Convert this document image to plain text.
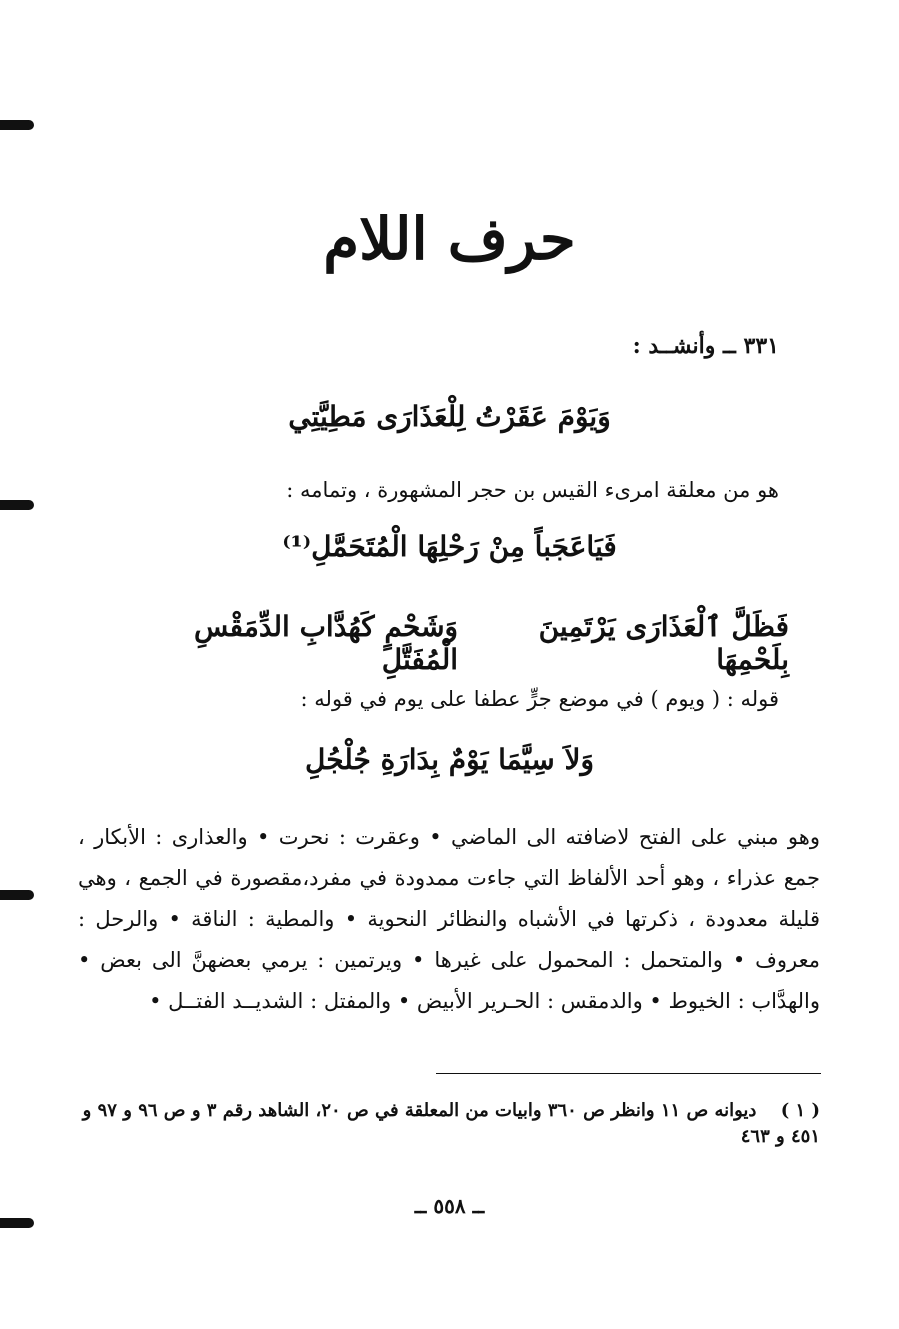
حرف اللام
٣٣١ ــ وأنشــد :
وَيَوْمَ عَقَرْتُ لِلْعَذَارَى مَطِيَّتِي
هو من معلقة امرىء القيس بن حجر المشهورة ، وتمامه :
فَيَاعَجَباً مِنْ رَحْلِهَا الْمُتَحَمَّلِ⁽¹⁾
فَظَلَّ ٱلْعَذَارَى يَرْتَمِينَ بِلَحْمِهَا
وَشَحْمٍ كَهُدَّابِ الدِّمَقْسِ الْمُفَتَّلِ
قوله : ( ويوم ) في موضع جرٍّ عطفا على يوم في قوله :
وَلاَ سِيَّمَا يَوْمٌ بِدَارَةِ جُلْجُلِ
وهو مبني على الفتح لاضافته الى الماضي • وعقرت : نحرت • والعذارى : الأبكار ، جمع عذراء ، وهو أحد الألفاظ التي جاءت ممدودة في مفرد،مقصورة في الجمع ، وهي قليلة معدودة ، ذكرتها في الأشباه والنظائر النحوية • والمطية : الناقة • والرحل : معروف • والمتحمل : المحمول على غيرها • ويرتمين : يرمي بعضهنَّ الى بعض • والهدَّاب : الخيوط • والدمقس : الحـرير الأبيض • والمفتل : الشديــد الفتــل •
( ١ ) ديوانه ص ١١ وانظر ص ٣٦٠ وابيات من المعلقة في ص ٢٠، الشاهد رقم ٣ و ص ٩٦ و ٩٧ و ٤٥١ و ٤٦٣
ــ ٥٥٨ ــ
